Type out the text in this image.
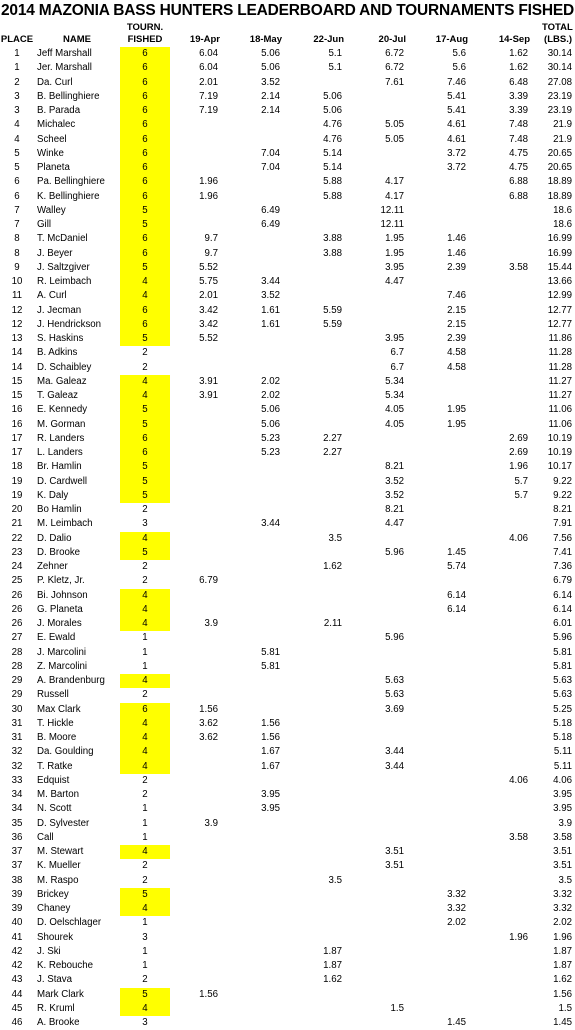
2014 MAZONIA BASS HUNTERS LEADERBOARD AND TOURNAMENTS FISHED
PLACE	NAME	TOURN.
FISHED	19-Apr	18-May	22-Jun	20-Jul	17-Aug	14-Sep	TOTAL
(LBS.)
1	Jeff Marshall	6	6.04	5.06	5.1	6.72	5.6	1.62	30.14
1	Jer. Marshall	6	6.04	5.06	5.1	6.72	5.6	1.62	30.14
2	Da. Curl	6	2.01	3.52		7.61	7.46	6.48	27.08
3	B. Bellinghiere	6	7.19	2.14	5.06		5.41	3.39	23.19
3	B. Parada	6	7.19	2.14	5.06		5.41	3.39	23.19
4	Michalec	6			4.76	5.05	4.61	7.48	21.9
4	Scheel	6			4.76	5.05	4.61	7.48	21.9
5	Winke	6		7.04	5.14		3.72	4.75	20.65
5	Planeta	6		7.04	5.14		3.72	4.75	20.65
6	Pa. Bellinghiere	6	1.96		5.88	4.17		6.88	18.89
6	K. Bellinghiere	6	1.96		5.88	4.17		6.88	18.89
7	Walley	5		6.49		12.11			18.6
7	Gill	5		6.49		12.11			18.6
8	T. McDaniel	6	9.7		3.88	1.95	1.46		16.99
8	J. Beyer	6	9.7		3.88	1.95	1.46		16.99
9	J. Saltzgiver	5	5.52			3.95	2.39	3.58	15.44
10	R. Leimbach	4	5.75	3.44		4.47			13.66
11	A. Curl	4	2.01	3.52			7.46		12.99
12	J. Jecman	6	3.42	1.61	5.59		2.15		12.77
12	J. Hendrickson	6	3.42	1.61	5.59		2.15		12.77
13	S. Haskins	5	5.52			3.95	2.39		11.86
14	B. Adkins	2				6.7	4.58		11.28
14	D. Schaibley	2				6.7	4.58		11.28
15	Ma. Galeaz	4	3.91	2.02		5.34			11.27
15	T. Galeaz	4	3.91	2.02		5.34			11.27
16	E. Kennedy	5		5.06		4.05	1.95		11.06
16	M. Gorman	5		5.06		4.05	1.95		11.06
17	R. Landers	6		5.23	2.27			2.69	10.19
17	L. Landers	6		5.23	2.27			2.69	10.19
18	Br. Hamlin	5				8.21		1.96	10.17
19	D. Cardwell	5				3.52		5.7	9.22
19	K. Daly	5				3.52		5.7	9.22
20	Bo Hamlin	2				8.21			8.21
21	M. Leimbach	3		3.44		4.47			7.91
22	D. Dalio	4			3.5			4.06	7.56
23	D. Brooke	5				5.96	1.45		7.41
24	Zehner	2			1.62		5.74		7.36
25	P. Kletz, Jr.	2	6.79						6.79
26	Bi. Johnson	4					6.14		6.14
26	G. Planeta	4					6.14		6.14
26	J. Morales	4	3.9		2.11				6.01
27	E. Ewald	1				5.96			5.96
28	J. Marcolini	1		5.81					5.81
28	Z. Marcolini	1		5.81					5.81
29	A. Brandenburg	4				5.63			5.63
29	Russell	2				5.63			5.63
30	Max Clark	6	1.56			3.69			5.25
31	T. Hickle	4	3.62	1.56					5.18
31	B. Moore	4	3.62	1.56					5.18
32	Da. Goulding	4		1.67		3.44			5.11
32	T. Ratke	4		1.67		3.44			5.11
33	Edquist	2						4.06	4.06
34	M. Barton	2		3.95					3.95
34	N. Scott	1		3.95					3.95
35	D. Sylvester	1	3.9						3.9
36	Call	1						3.58	3.58
37	M. Stewart	4				3.51			3.51
37	K. Mueller	2				3.51			3.51
38	M. Raspo	2			3.5				3.5
39	Brickey	5					3.32		3.32
39	Chaney	4					3.32		3.32
40	D. Oelschlager	1					2.02		2.02
41	Shourek	3						1.96	1.96
42	J. Ski	1			1.87				1.87
42	K. Rebouche	1			1.87				1.87
43	J. Stava	2			1.62				1.62
44	Mark Clark	5	1.56						1.56
45	R. Kruml	4				1.5			1.5
46	A. Brooke	3					1.45		1.45
